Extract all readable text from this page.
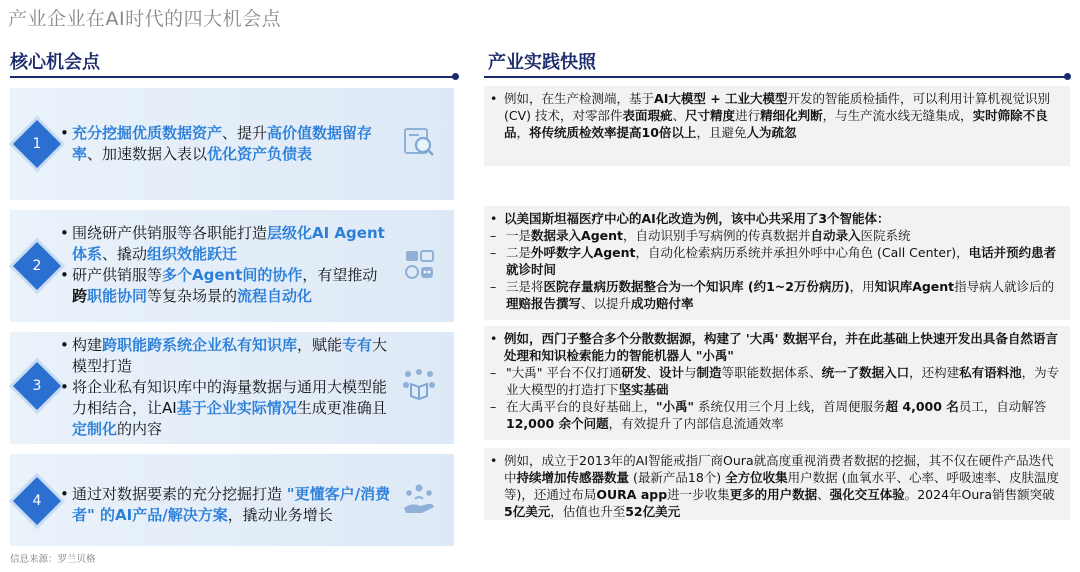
产业企业在AI时代的四大机会点
核心机会点	产业实践快照
1
• 充分挖掘优质数据资产、提升高价值数据留存率、加速数据入表以优化资产负债表
2
• 围绕研产供销服等各职能打造层级化AI Agent体系、撬动组织效能跃迁
• 研产供销服等多个Agent间的协作，有望推动跨职能协同等复杂场景的流程自动化
3
• 构建跨职能跨系统企业私有知识库，赋能专有大模型打造
• 将企业私有知识库中的海量数据与通用大模型能力相结合，让AI基于企业实际情况生成更准确且定制化的内容
4	• 通过对数据要素的充分挖掘打造 "更懂客户/消费者" 的AI产品/解决方案，撬动业务增长
• 例如，在生产检测端，基于AI大模型 + 工业大模型开发的智能质检插件，可以利用计算机视觉识别 (CV) 技术，对零部件表面瑕疵、尺寸精度进行精细化判断，与生产流水线无缝集成，实时筛除不良品，将传统质检效率提高10倍以上，且避免人为疏忽
• 以美国斯坦福医疗中心的AI化改造为例，该中心共采用了3个智能体：
– 一是数据录入Agent，自动识别手写病例的传真数据并自动录入医院系统
– 二是外呼数字人Agent，自动化检索病历系统并承担外呼中心角色 (Call Center)，电话并预约患者就诊时间
– 三是将医院存量病历数据整合为一个知识库 (约1~2万份病历)，用知识库Agent指导病人就诊后的理赔报告撰写、以提升成功赔付率
• 例如，西门子整合多个分散数据源，构建了 '大禹' 数据平台，并在此基础上快速开发出具备自然语言处理和知识检索能力的智能机器人 "小禹"
– "大禹" 平台不仅打通研发、设计与制造等职能数据体系、统一了数据入口，还构建私有语料池，为专业大模型的打造打下坚实基础
– 在大禹平台的良好基础上，"小禹" 系统仅用三个月上线，首周便服务超 4,000 名员工，自动解答 12,000 余个问题，有效提升了内部信息流通效率
• 例如，成立于2013年的AI智能戒指厂商Oura就高度重视消费者数据的挖掘，其不仅在硬件产品迭代中持续增加传感器数量 (最新产品18个) 全方位收集用户数据 (血氧水平、心率、呼吸速率、皮肤温度等)，还通过布局OURA app进一步收集更多的用户数据、强化交互体验。2024年Oura销售额突破5亿美元，估值也升至52亿美元
信息来源：罗兰贝格
